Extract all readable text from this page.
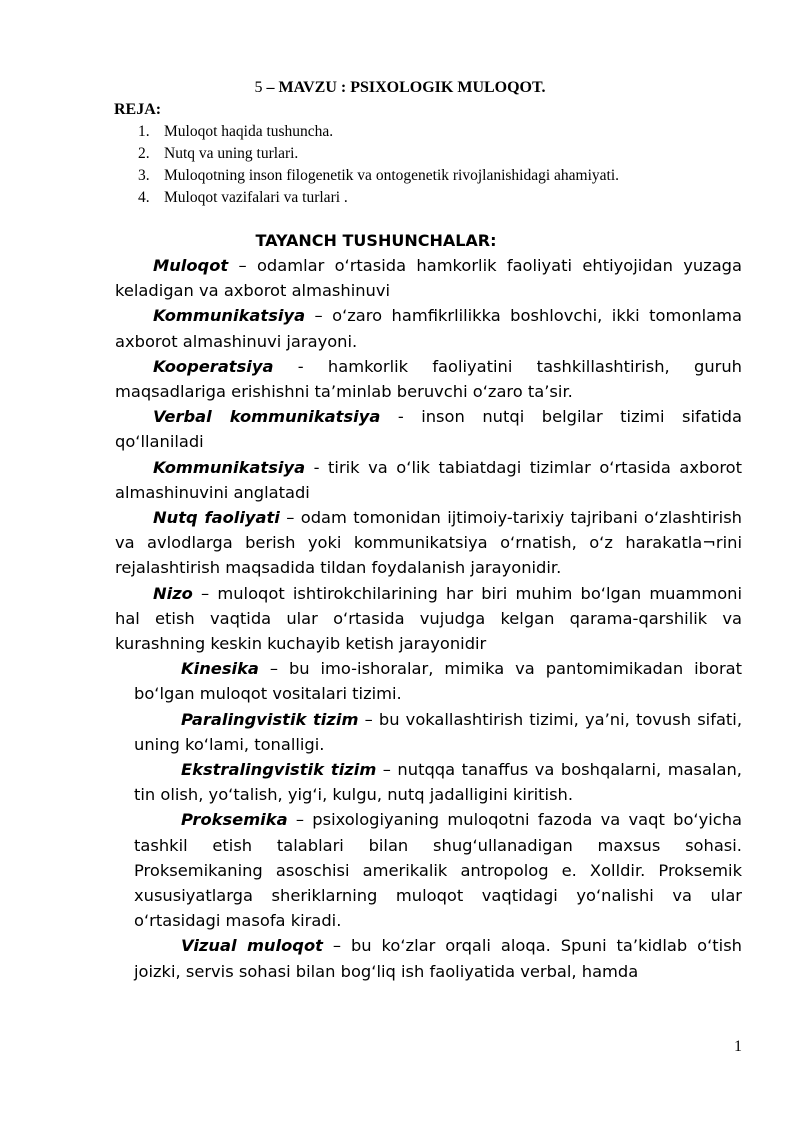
5 – MAVZU : PSIXOLOGIK MULOQOT.
REJA:
1. Muloqot haqida tushuncha.
2. Nutq va uning turlari.
3. Muloqotning inson filogenetik va ontogenetik rivojlanishidagi ahamiyati.
4. Muloqot vazifalari va turlari .
TAYANCH TUSHUNCHALAR:

Muloqot – odamlar o‘rtasida hamkorlik faoliyati ehtiyojidan yuzaga keladigan va axborot almashinuvi

Kommunikatsiya – o‘zaro hamfikrlilikka boshlovchi, ikki tomonlama axborot almashinuvi jarayoni.

Kooperatsiya - hamkorlik faoliyatini tashkillashtirish, guruh maqsadlariga erishishni ta’minlab beruvchi o‘zaro ta’sir.

Verbal kommunikatsiya - inson nutqi belgilar tizimi sifatida qo‘llaniladi

Kommunikatsiya - tirik va o‘lik tabiatdagi tizimlar o‘rtasida axborot almashinuvini anglatadi

Nutq faoliyati – odam tomonidan ijtimoiy-tarixiy tajribani o‘zlashtirish va avlodlarga berish yoki kommunikatsiya o‘rnatish, o‘z harakatla¬rini rejalashtirish maqsadida tildan foydalanish jarayonidir.

Nizo – muloqot ishtirokchilarining har biri muhim bo‘lgan muammoni hal etish vaqtida ular o‘rtasida vujudga kelgan qarama-qarshilik va kurashning keskin kuchayib ketish jarayonidir

Kinesika – bu imo-ishoralar, mimika va pantomimikadan iborat bo‘lgan muloqot vositalari tizimi.

Paralingvistik tizim – bu vokallashtirish tizimi, ya’ni, tovush sifati, uning ko‘lami, tonalligi.

Ekstralingvistik tizim – nutqqa tanaffus va boshqalarni, masalan, tin olish, yo‘talish, yig‘i, kulgu, nutq jadalligini kiritish.

Proksemika – psixologiyaning muloqotni fazoda va vaqt bo‘yicha tashkil etish talablari bilan shug‘ullanadigan maxsus sohasi. Proksemikaning asoschisi amerikalik antropolog e. Xolldir. Proksemik xususiyatlarga sheriklarning muloqot vaqtidagi yo‘nalishi va ular o‘rtasidagi masofa kiradi.

Vizual muloqot – bu ko‘zlar orqali aloqa. Spuni ta’kidlab o‘tish joizki, servis sohasi bilan bog‘liq ish faoliyatida verbal, hamda

1
